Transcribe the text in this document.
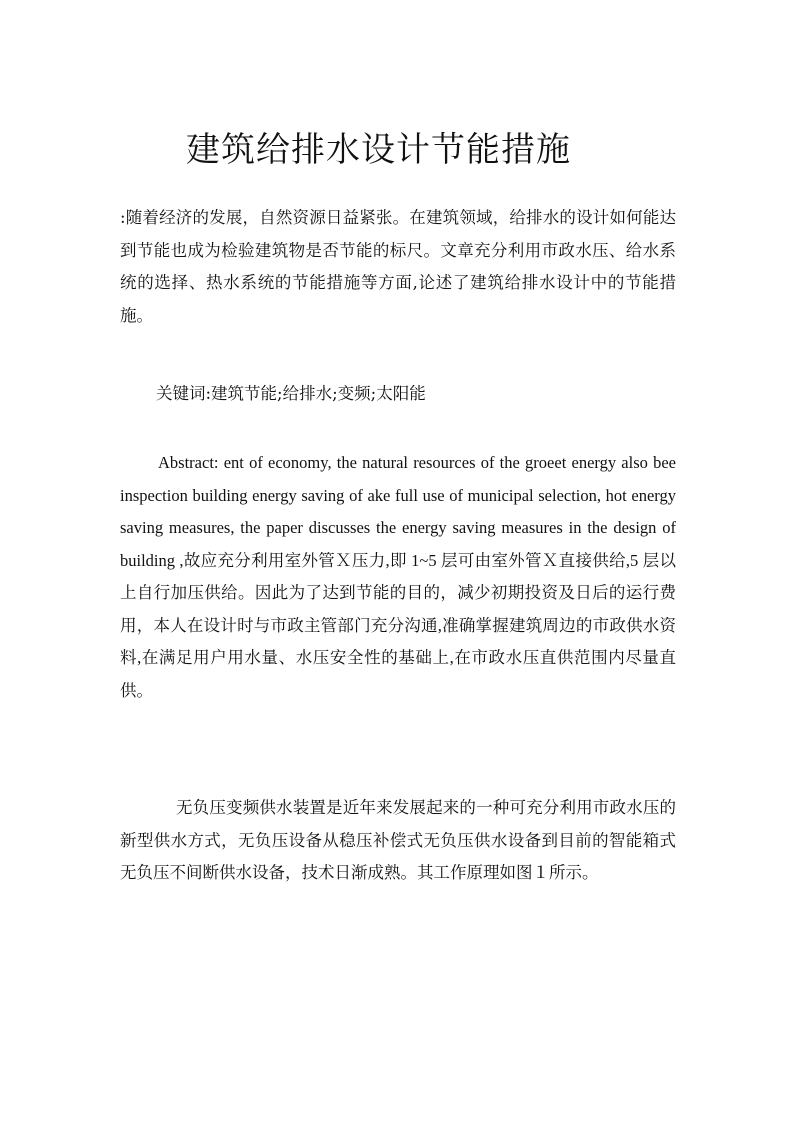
建筑给排水设计节能措施

:随着经济的发展，自然资源日益紧张。在建筑领域，给排水的设计如何能达到节能也成为检验建筑物是否节能的标尺。文章充分利用市政水压、给水系统的选择、热水系统的节能措施等方面,论述了建筑给排水设计中的节能措施。

关键词:建筑节能;给排水;变频;太阳能

Abstract: ent of economy, the natural resources of the groeet energy also bee inspection building energy saving of ake full use of municipal selection, hot energy saving measures, the paper discusses the energy saving measures in the design of building ,故应充分利用室外管Ｘ压力,即 1~5 层可由室外管Ｘ直接供给,5 层以上自行加压供给。因此为了达到节能的目的，减少初期投资及日后的运行费用，本人在设计时与市政主管部门充分沟通,准确掌握建筑周边的市政供水资料,在满足用户用水量、水压安全性的基础上,在市政水压直供范围内尽量直供。

无负压变频供水装置是近年来发展起来的一种可充分利用市政水压的新型供水方式，无负压设备从稳压补偿式无负压供水设备到目前的智能箱式无负压不间断供水设备，技术日渐成熟。其工作原理如图１所示。
